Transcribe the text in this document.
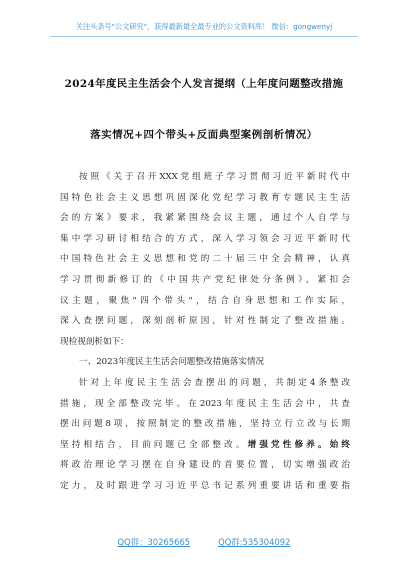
关注头条号"公文研究"，获得最新最全最专业的公文资料库！ 微信：gongwenyj
2024年度民主生活会个人发言提纲（上年度问题整改措施
落实情况+四个带头+反面典型案例剖析情况）
按照《关于召开XXX党组班子学习贯彻习近平新时代中
国特色社会主义思想巩固深化党纪学习教育专题民主生活
会的方案》要求，我紧紧围绕会议主题，通过个人自学与
集中学习研讨相结合的方式，深入学习领会习近平新时代
中国特色社会主义思想和党的二十届三中全会精神，认真
学习贯彻新修订的《中国共产党纪律处分条例》，紧扣会
议主题，聚焦"四个带头"，结合自身思想和工作实际，
深入查摆问题，深刻剖析原因，针对性制定了整改措施。
现检视剖析如下：
一、2023年度民主生活会问题整改措施落实情况
针对上年度民主生活会查摆出的问题，共制定4条整改
措施，现全部整改完毕。在2023年度民主生活会中，共查
摆出问题8项，按照制定的整改措施，坚持立行立改与长期
坚持相结合，目前问题已全部整改。增强党性修养。始终
将政治理论学习摆在自身建设的首要位置，切实增强政治
定力，及时跟进学习习近平总书记系列重要讲话和重要指
QQ群：30265665	QQ群:535304092
